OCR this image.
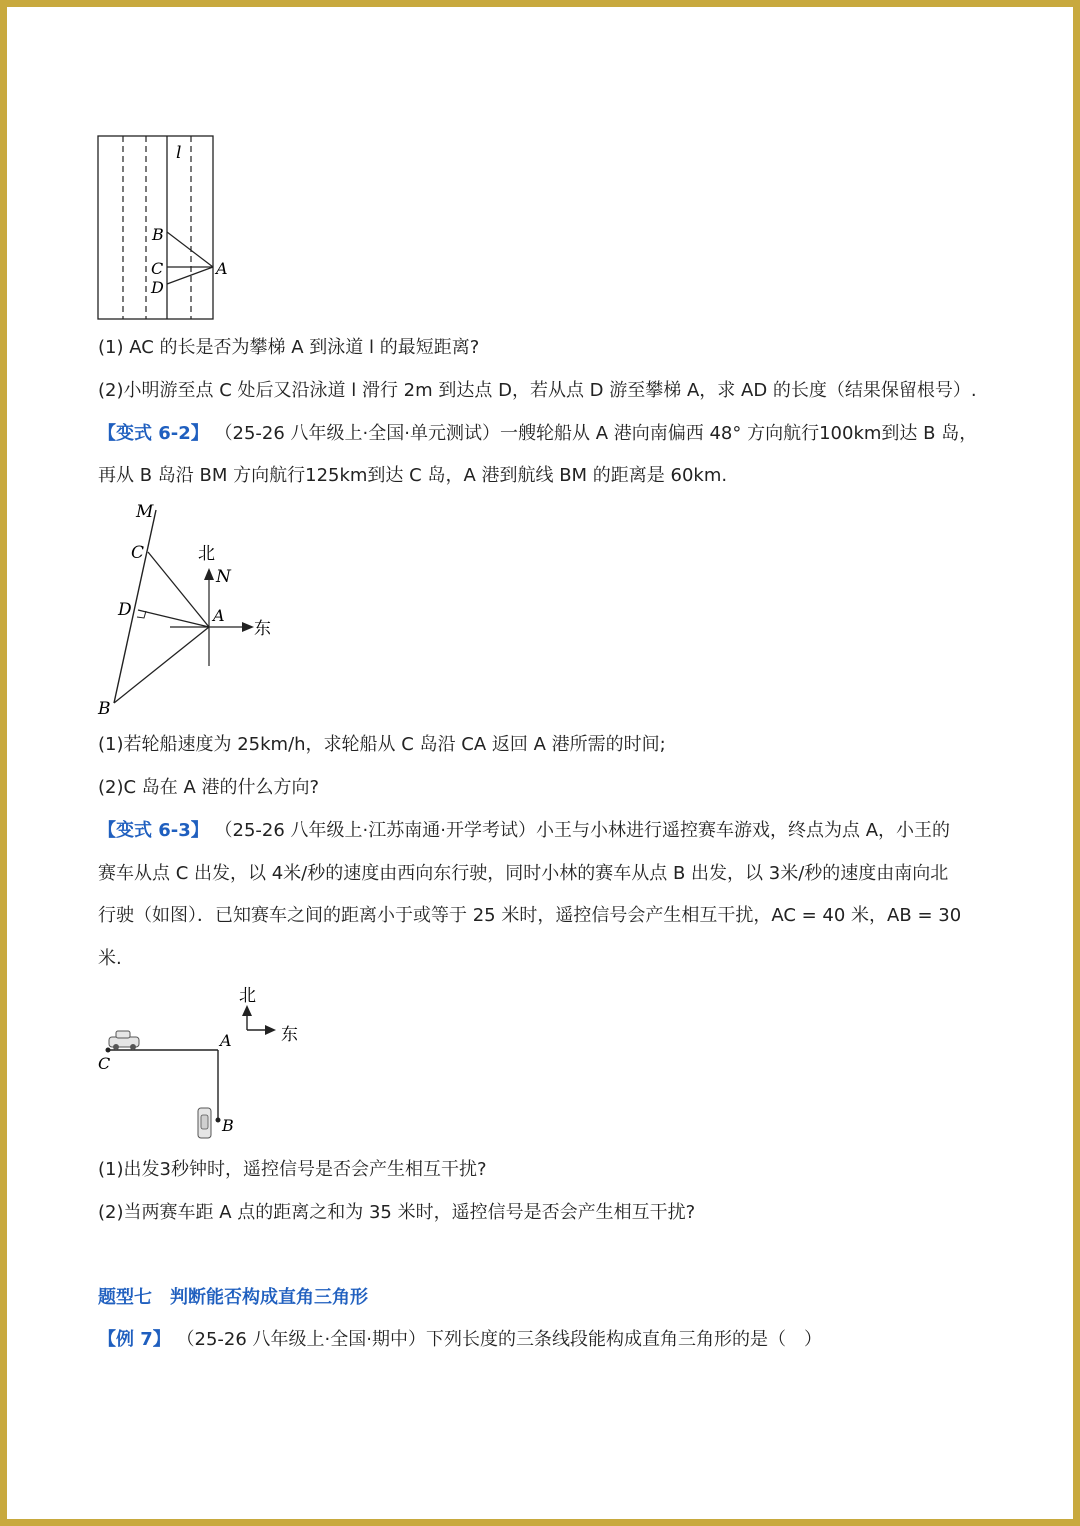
l
B
C
D
A
(1) AC 的长是否为攀梯 A 到泳道 l 的最短距离?
(2)小明游至点 C 处后又沿泳道 l 滑行 2m 到达点 D，若从点 D 游至攀梯 A，求 AD 的长度（结果保留根号）.
【变式 6-2】 （25-26 八年级上·全国·单元测试）一艘轮船从 A 港向南偏西 48° 方向航行100km到达 B 岛，
再从 B 岛沿 BM 方向航行125km到达 C 岛，A 港到航线 BM 的距离是 60km.
M
C	北
N
D	A
东
B
(1)若轮船速度为 25km/h，求轮船从 C 岛沿 CA 返回 A 港所需的时间;
(2)C 岛在 A 港的什么方向?
【变式 6-3】 （25-26 八年级上·江苏南通·开学考试）小王与小林进行遥控赛车游戏，终点为点 A，小王的
赛车从点 C 出发，以 4米/秒的速度由西向东行驶，同时小林的赛车从点 B 出发，以 3米/秒的速度由南向北
行驶（如图）．已知赛车之间的距离小于或等于 25 米时，遥控信号会产生相互干扰，AC = 40 米，AB = 30
米.
北
东
C
A
B
(1)出发3秒钟时，遥控信号是否会产生相互干扰?
(2)当两赛车距 A 点的距离之和为 35 米时，遥控信号是否会产生相互干扰?
题型七　判断能否构成直角三角形
【例 7】 （25-26 八年级上·全国·期中）下列长度的三条线段能构成直角三角形的是（　）
